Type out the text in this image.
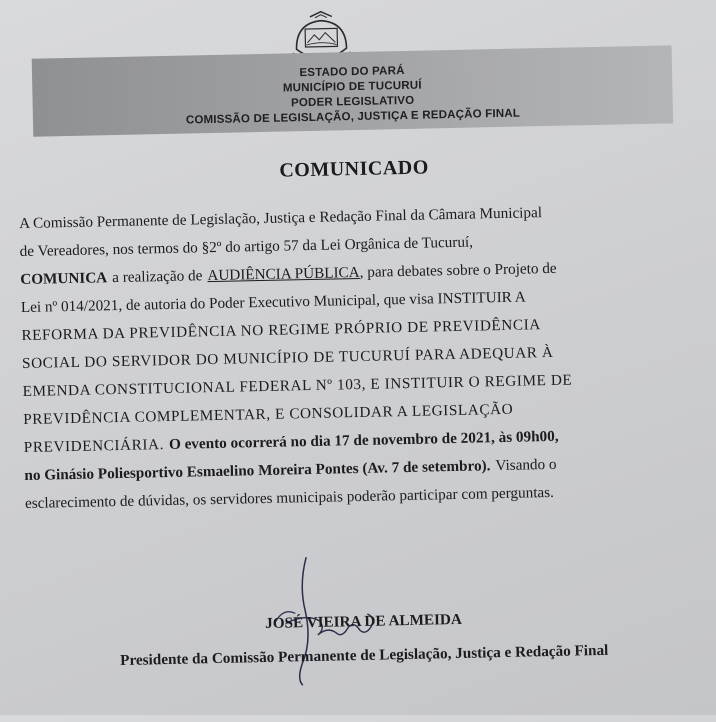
ESTADO DO PARÁ
MUNICÍPIO DE TUCURUÍ
PODER LEGISLATIVO
COMISSÃO DE LEGISLAÇÃO, JUSTIÇA E REDAÇÃO FINAL
COMUNICADO
A Comissão Permanente de Legislação, Justiça e Redação Final da Câmara Municipal
de Vereadores, nos termos do §2º do artigo 57 da Lei Orgânica de Tucuruí,
COMUNICA a realização de AUDIÊNCIA PÚBLICA , para debates sobre o Projeto de
Lei nº 014/2021, de autoria do Poder Executivo Municipal, que visa INSTITUIR A
REFORMA DA PREVIDÊNCIA NO REGIME PRÓPRIO DE PREVIDÊNCIA
SOCIAL DO SERVIDOR DO MUNICÍPIO DE TUCURUÍ PARA ADEQUAR À
EMENDA CONSTITUCIONAL FEDERAL Nº 103, E INSTITUIR O REGIME DE
PREVIDÊNCIA COMPLEMENTAR, E CONSOLIDAR A LEGISLAÇÃO
PREVIDENCIÁRIA. O evento ocorrerá no dia 17 de novembro de 2021, às 09h00,
no Ginásio Poliesportivo Esmaelino Moreira Pontes (Av. 7 de setembro). Visando o
esclarecimento de dúvidas, os servidores municipais poderão participar com perguntas.
JOSÉ VIEIRA DE ALMEIDA
Presidente da Comissão Permanente de Legislação, Justiça e Redação Final
